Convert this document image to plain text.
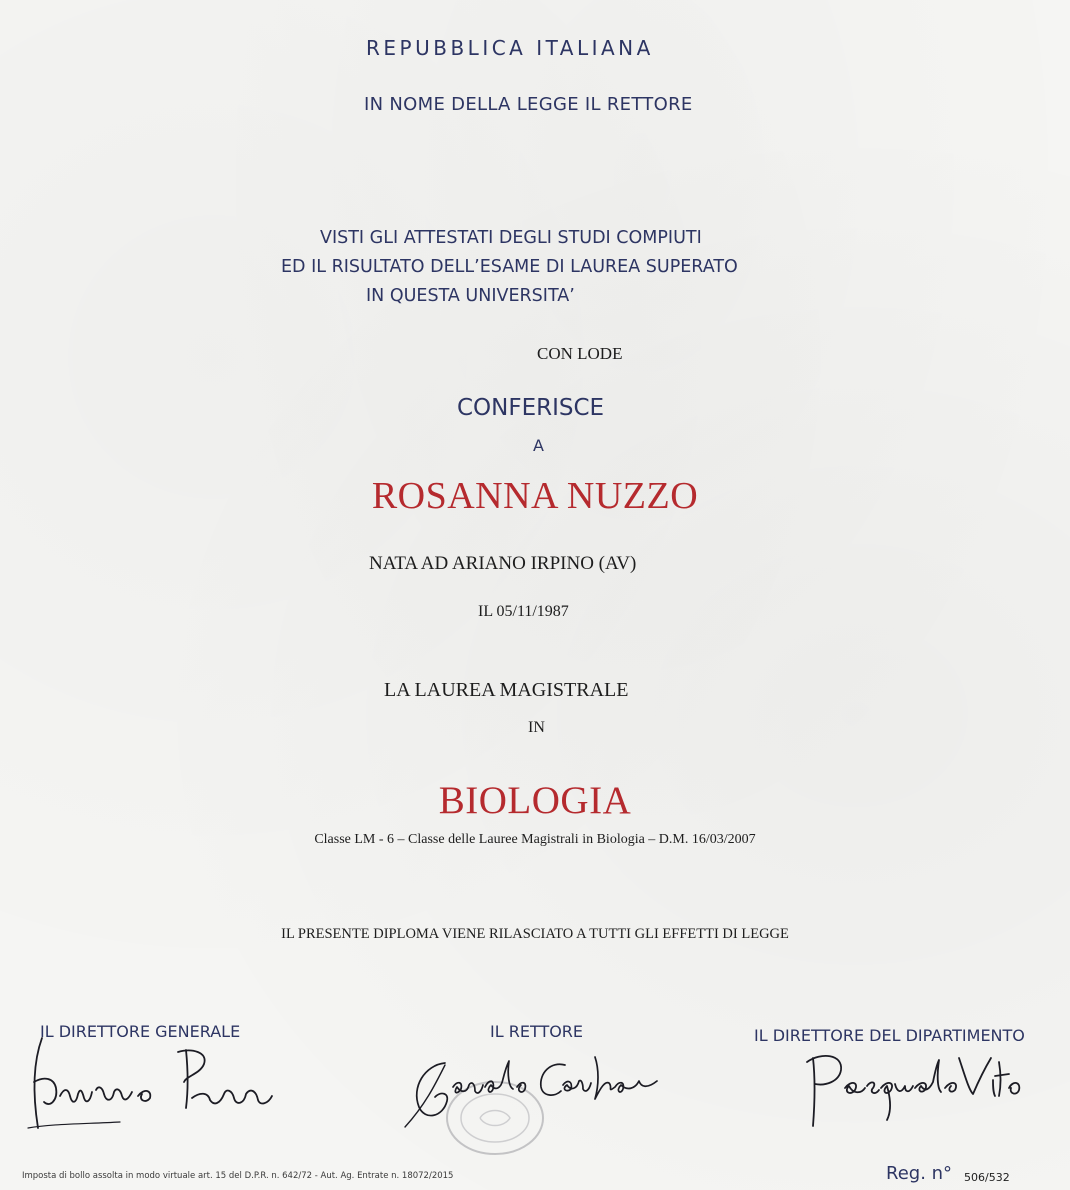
REPUBBLICA ITALIANA
IN NOME DELLA LEGGE IL RETTORE
VISTI GLI ATTESTATI DEGLI STUDI COMPIUTI
ED IL RISULTATO DELL’ESAME DI LAUREA SUPERATO
IN QUESTA UNIVERSITA’
CON LODE
CONFERISCE
A
ROSANNA NUZZO
NATA AD ARIANO IRPINO (AV)
IL 05/11/1987
LA LAUREA MAGISTRALE
IN
BIOLOGIA
Classe LM - 6 – Classe delle Lauree Magistrali in Biologia – D.M. 16/03/2007
IL PRESENTE DIPLOMA VIENE RILASCIATO A TUTTI GLI EFFETTI DI LEGGE
IL DIRETTORE GENERALE	IL RETTORE	IL DIRETTORE DEL DIPARTIMENTO
Imposta di bollo assolta in modo virtuale art. 15 del D.P.R. n. 642/72 - Aut. Ag. Entrate n. 18072/2015	Reg. n° 506/532
